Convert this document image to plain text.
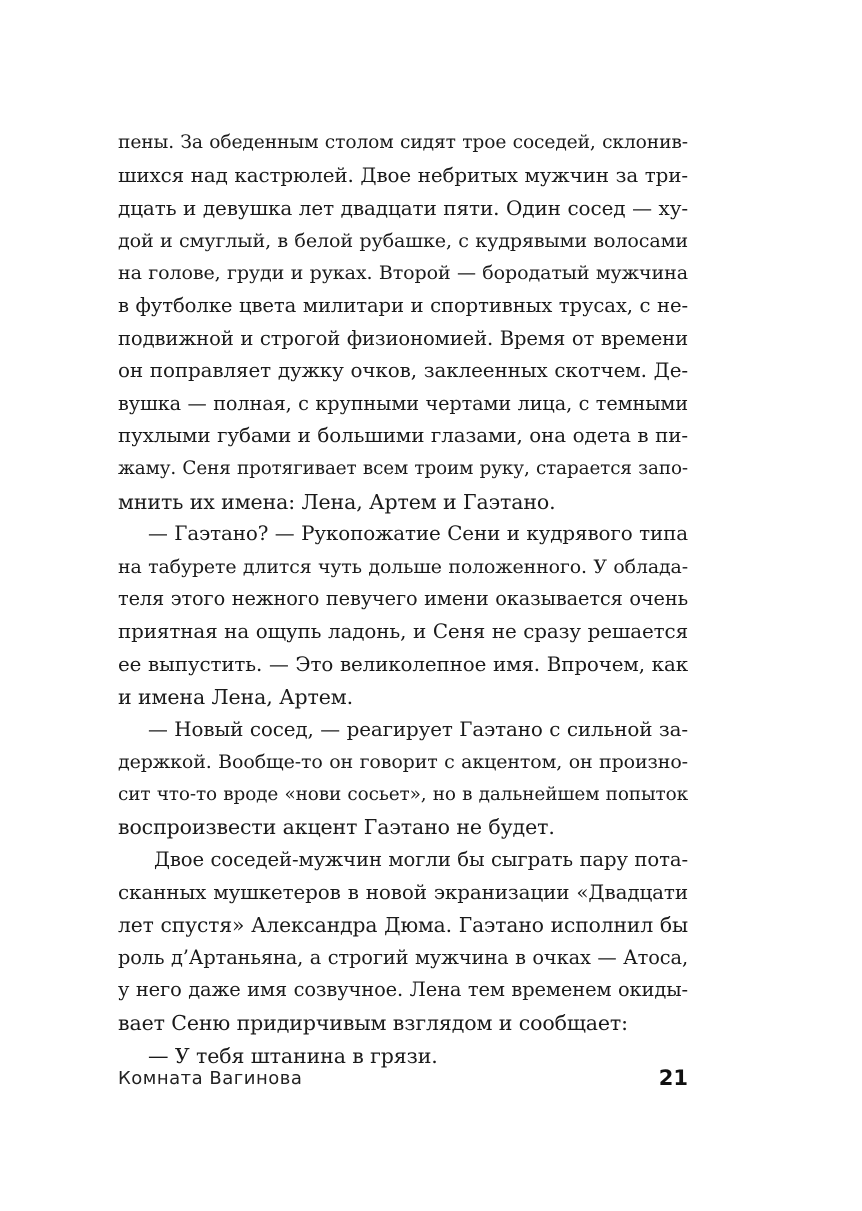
пены. За обеденным столом сидят трое соседей, склонив-
шихся над кастрюлей. Двое небритых мужчин за три-
дцать и девушка лет двадцати пяти. Один сосед — ху-
дой и смуглый, в белой рубашке, с кудрявыми волосами
на голове, груди и руках. Второй — бородатый мужчина
в футболке цвета милитари и спортивных трусах, с не-
подвижной и строгой физиономией. Время от времени
он поправляет дужку очков, заклеенных скотчем. Де-
вушка — полная, с крупными чертами лица, с темными
пухлыми губами и большими глазами, она одета в пи-
жаму. Сеня протягивает всем троим руку, старается запо-
мнить их имена: Лена, Артем и Гаэтано.

— Гаэтано? — Рукопожатие Сени и кудрявого типа
на табурете длится чуть дольше положенного. У облада-
теля этого нежного певучего имени оказывается очень
приятная на ощупь ладонь, и Сеня не сразу решается
ее выпустить. — Это великолепное имя. Впрочем, как
и имена Лена, Артем.

— Новый сосед, — реагирует Гаэтано с сильной за-
держкой. Вообще-то он говорит с акцентом, он произно-
сит что-то вроде «нови сосьет», но в дальнейшем попыток
воспроизвести акцент Гаэтано не будет.

Двое соседей-мужчин могли бы сыграть пару пота-
сканных мушкетеров в новой экранизации «Двадцати
лет спустя» Александра Дюма. Гаэтано исполнил бы
роль д’Артаньяна, а строгий мужчина в очках — Атоса,
у него даже имя созвучное. Лена тем временем окиды-
вает Сеню придирчивым взглядом и сообщает:

— У тебя штанина в грязи.

Комната Вагинова	21
